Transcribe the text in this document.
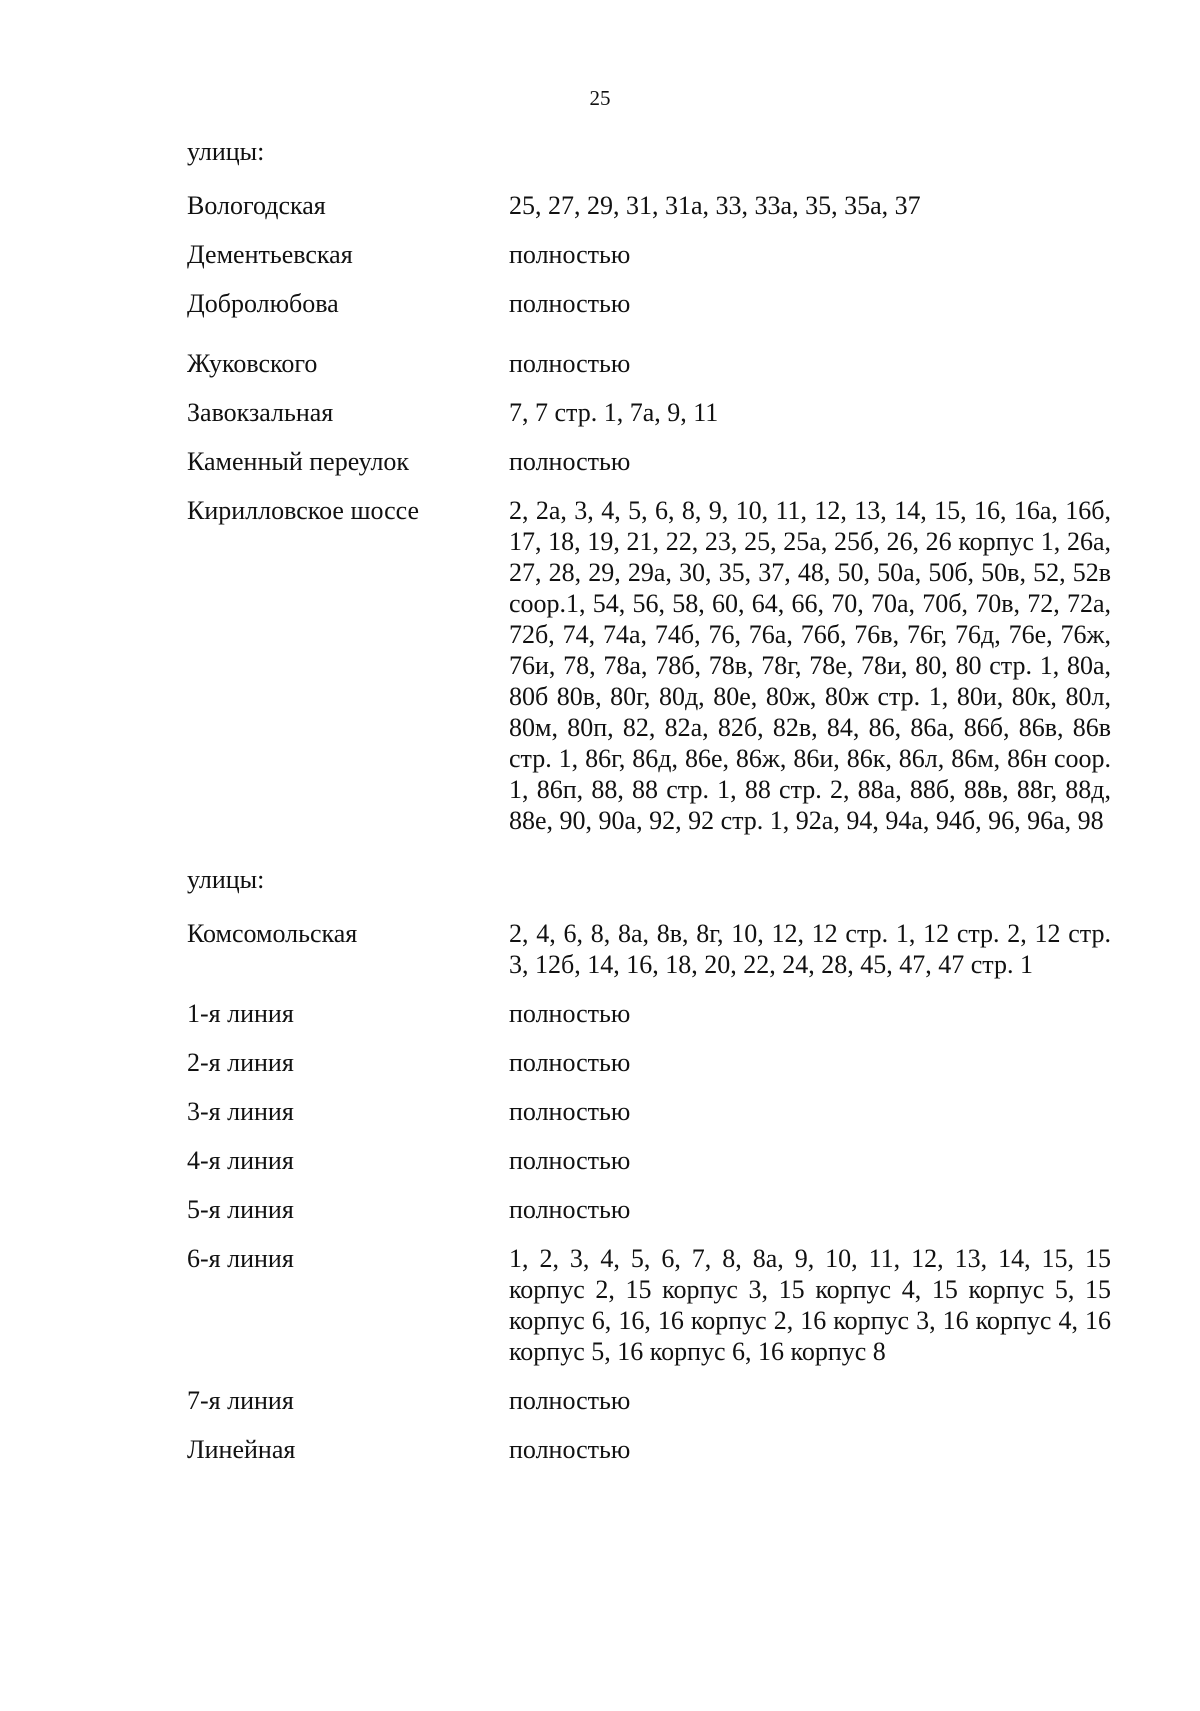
25
улицы:
Вологодская	25, 27, 29, 31, 31а, 33, 33а, 35, 35а, 37
Дементьевская	полностью
Добролюбова	полностью
Жуковского	полностью
Завокзальная	7, 7 стр. 1, 7а, 9, 11
Каменный переулок	полностью
Кирилловское шоссе	2, 2а, 3, 4, 5, 6, 8, 9, 10, 11, 12, 13, 14, 15, 16, 16а, 16б, 17, 18, 19, 21, 22, 23, 25, 25а, 25б, 26, 26 корпус 1, 26а, 27, 28, 29, 29а, 30, 35, 37, 48, 50, 50а, 50б, 50в, 52, 52в соор.1, 54, 56, 58, 60, 64, 66, 70, 70а, 70б, 70в, 72, 72а, 72б, 74, 74а, 74б, 76, 76а, 76б, 76в, 76г, 76д, 76е, 76ж, 76и, 78, 78а, 78б, 78в, 78г, 78е, 78и, 80, 80 стр. 1, 80а, 80б 80в, 80г, 80д, 80е, 80ж, 80ж стр. 1, 80и, 80к, 80л, 80м, 80п, 82, 82а, 82б, 82в, 84, 86, 86а, 86б, 86в, 86в стр. 1, 86г, 86д, 86е, 86ж, 86и, 86к, 86л, 86м, 86н соор. 1, 86п, 88, 88 стр. 1, 88 стр. 2, 88а, 88б, 88в, 88г, 88д, 88е, 90, 90а, 92, 92 стр. 1, 92а, 94, 94а, 94б, 96, 96а, 98
улицы:
Комсомольская	2, 4, 6, 8, 8а, 8в, 8г, 10, 12, 12 стр. 1, 12 стр. 2, 12 стр. 3, 12б, 14, 16, 18, 20, 22, 24, 28, 45, 47, 47 стр. 1
1-я линия	полностью
2-я линия	полностью
3-я линия	полностью
4-я линия	полностью
5-я линия	полностью
6-я линия	1, 2, 3, 4, 5, 6, 7, 8, 8а, 9, 10, 11, 12, 13, 14, 15, 15 корпус 2, 15 корпус 3, 15 корпус 4, 15 корпус 5, 15 корпус 6, 16, 16 корпус 2, 16 корпус 3, 16 корпус 4, 16 корпус 5, 16 корпус 6, 16 корпус 8
7-я линия	полностью
Линейная	полностью
